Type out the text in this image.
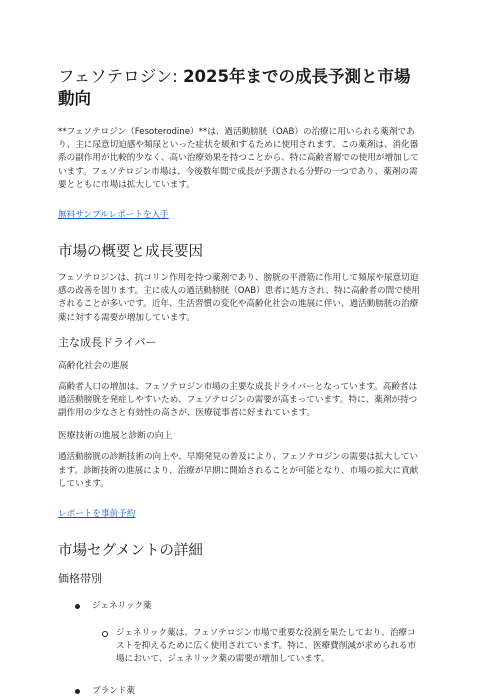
フェソテロジン: 2025年までの成長予測と市場動向

**フェソテロジン（Fesoterodine）**は、過活動膀胱（OAB）の治療に用いられる薬剤であり、主に尿意切迫感や頻尿といった症状を緩和するために使用されます。この薬剤は、消化器系の副作用が比較的少なく、高い治療効果を持つことから、特に高齢者層での使用が増加しています。フェソテロジン市場は、今後数年間で成長が予測される分野の一つであり、薬剤の需要とともに市場は拡大しています。

無料サンプルレポートを入手
市場の概要と成長要因

フェソテロジンは、抗コリン作用を持つ薬剤であり、膀胱の平滑筋に作用して頻尿や尿意切迫感の改善を図ります。主に成人の過活動膀胱（OAB）患者に処方され、特に高齢者の間で使用されることが多いです。近年、生活習慣の変化や高齢化社会の進展に伴い、過活動膀胱の治療薬に対する需要が増加しています。

主な成長ドライバー
高齢化社会の進展

高齢者人口の増加は、フェソテロジン市場の主要な成長ドライバーとなっています。高齢者は過活動膀胱を発症しやすいため、フェソテロジンの需要が高まっています。特に、薬剤が持つ副作用の少なさと有効性の高さが、医療従事者に好まれています。

医療技術の進展と診断の向上

過活動膀胱の診断技術の向上や、早期発見の普及により、フェソテロジンの需要は拡大しています。診断技術の進展により、治療が早期に開始されることが可能となり、市場の拡大に貢献しています。

レポートを事前予約
市場セグメントの詳細
価格帯別
ジェネリック薬
ジェネリック薬は、フェソテロジン市場で重要な役割を果たしており、治療コストを抑えるために広く使用されています。特に、医療費削減が求められる市場において、ジェネリック薬の需要が増加しています。
ブランド薬
